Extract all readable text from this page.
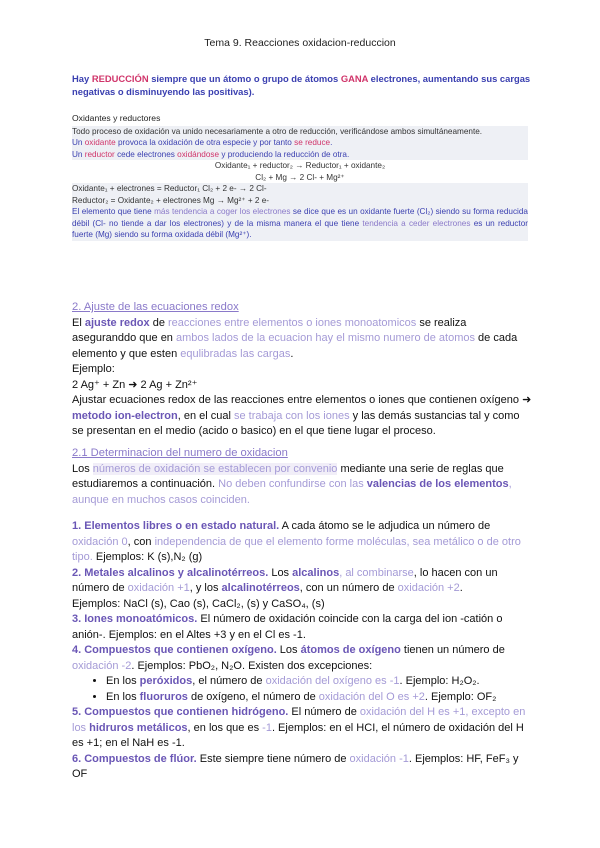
Tema 9. Reacciones oxidacion-reduccion
Hay REDUCCIÓN siempre que un átomo o grupo de átomos GANA electrones, aumentando sus cargas negativas o disminuyendo las positivas).
Oxidantes y reductores
Todo proceso de oxidación va unido necesariamente a otro de reducción, verificándose ambos simultáneamente.
Un oxidante provoca la oxidación de otra especie y por tanto se reduce.
Un reductor cede electrones oxidándose y produciendo la reducción de otra.
Oxidante₁ + reductor₂ → Reductor₁ + oxidante₂
Cl₂ + Mg → 2 Cl- + Mg²⁺
Oxidante₁ + electrones = Reductor₁ Cl₂ + 2 e- → 2 Cl-
Reductor₂ = Oxidante₂ + electrones Mg → Mg²⁺ + 2 e-
El elemento que tiene más tendencia a coger los electrones se dice que es un oxidante fuerte (Cl₂) siendo su forma reducida débil (Cl- no tiende a dar los electrones) y de la misma manera el que tiene tendencia a ceder electrones es un reductor fuerte (Mg) siendo su forma oxidada débil (Mg²⁺).
2. Ajuste de las ecuaciones redox
El ajuste redox de reacciones entre elementos o iones monoatomicos se realiza aseguranddo que en ambos lados de la ecuacion hay el mismo numero de atomos de cada elemento y que esten equlibradas las cargas.
Ejemplo:
2 Ag⁺ + Zn ➜ 2 Ag + Zn²⁺
Ajustar ecuaciones redox de las reacciones entre elementos o iones que contienen oxígeno ➜ metodo ion-electron, en el cual se trabaja con los iones y las demás sustancias tal y como se presentan en el medio (acido o basico) en el que tiene lugar el proceso.
2.1 Determinacion del numero de oxidacion
Los números de oxidación se establecen por convenio mediante una serie de reglas que estudiaremos a continuación. No deben confundirse con las valencias de los elementos, aunque en muchos casos coinciden.
1. Elementos libres o en estado natural. A cada átomo se le adjudica un número de oxidación 0, con independencia de que el elemento forme moléculas, sea metálico o de otro tipo. Ejemplos: K (s),N₂ (g)
2. Metales alcalinos y alcalinotérreos. Los alcalinos, al combinarse, lo hacen con un número de oxidación +1, y los alcalinotérreos, con un número de oxidación +2.
Ejemplos: NaCl (s), Cao (s), CaCl₂, (s) y CaSO₄, (s)
3. Iones monoatómicos. El número de oxidación coincide con la carga del ion -catión o anión-. Ejemplos: en el Altes +3 y en el Cl es -1.
4. Compuestos que contienen oxígeno. Los átomos de oxígeno tienen un número de oxidación -2. Ejemplos: PbO₂, N₂O. Existen dos excepciones:
• En los peróxidos, el número de oxidación del oxígeno es -1. Ejemplo: H₂O₂.
• En los fluoruros de oxígeno, el número de oxidación del O es +2. Ejemplo: OF₂
5. Compuestos que contienen hidrógeno. El número de oxidación del H es +1, excepto en los hidruros metálicos, en los que es -1. Ejemplos: en el HCI, el número de oxidación del H es +1; en el NaH es -1.
6. Compuestos de flúor. Este siempre tiene número de oxidación -1. Ejemplos: HF, FeF₃ y OF
